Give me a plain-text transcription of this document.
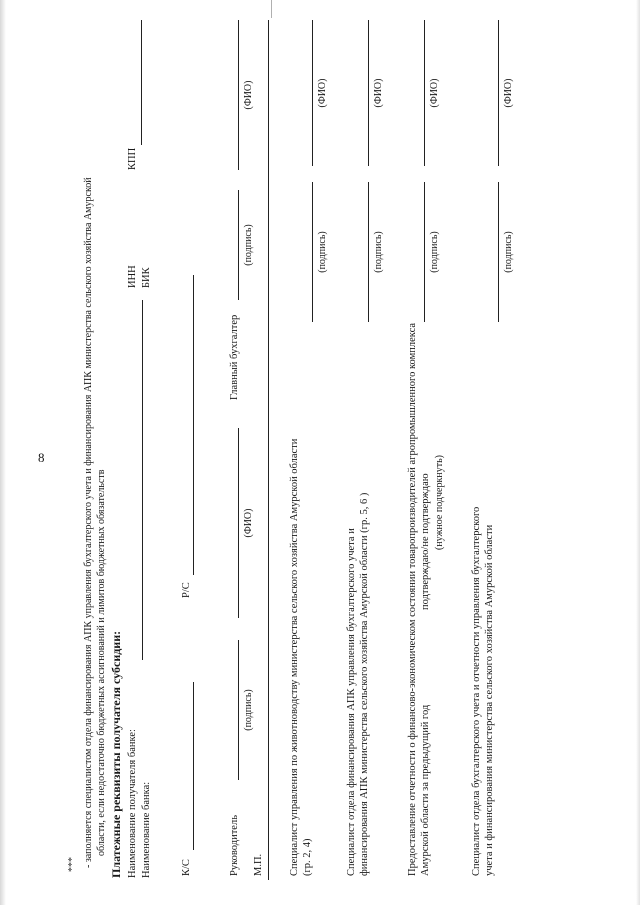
8
*** - заполняется специалистом отдела финансирования АПК управления бухгалтерского учета и финансирования АПК министерства сельского хозяйства Амурской области, если недостаточно бюджетных ассигнований и лимитов бюджетных обязательств Платежные реквизиты получателя субсидии: Наименование получателя банке: Наименование банка:
ИНН БИК
КПП
К/С
Р/С
Руководитель
(подпись)
(ФИО)
Главный бухгалтер
(подпись)
(ФИО)
М.П. Специалист управления по животноводству министерства сельского хозяйства Амурской области (гр. 2, 4)
(подпись)
(ФИО)
Специалист отдела финансирования АПК управления бухгалтерского учета и финансирования АПК министерства сельского хозяйства Амурской области (гр. 5, 6 )
(подпись)
(ФИО)
Предоставление отчетности о финансово-экономическом состоянии товаропроизводителей агропромышленного комплекса Амурской области за предыдущий год
подтверждаю/не подтверждаю (нужное подчеркнуть)
(подпись)
(ФИО)
Специалист отдела бухгалтерского учета и отчетности управления бухгалтерского учета и финансирования министерства сельского хозяйства Амурской области
(подпись)
(ФИО)
